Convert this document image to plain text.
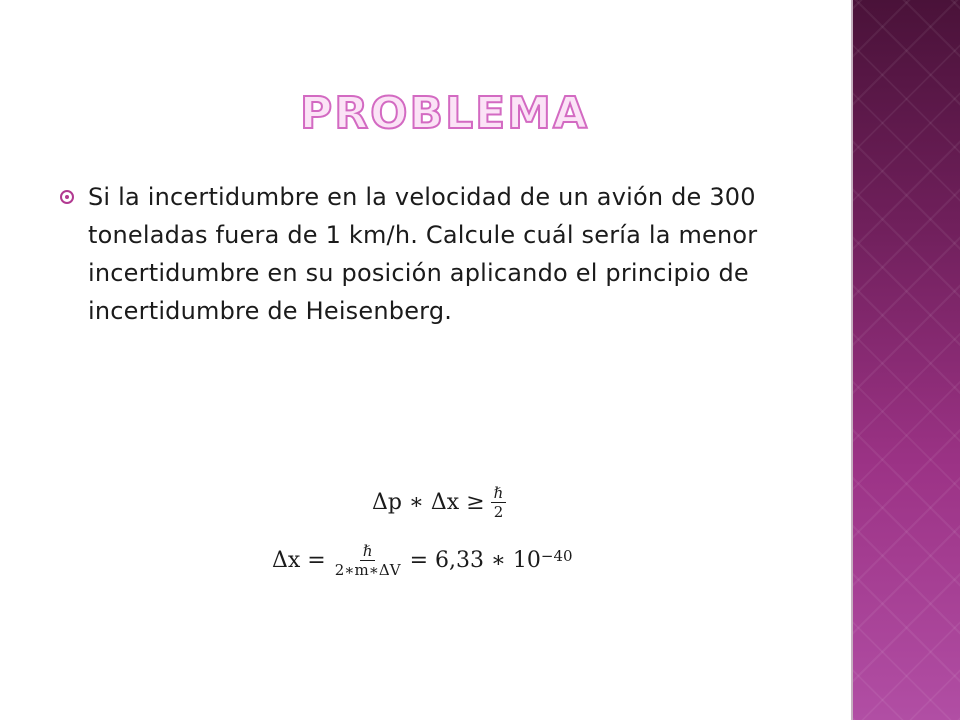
PROBLEMA
Si la incertidumbre en la velocidad de un avión de 300 toneladas fuera de 1 km/h. Calcule cuál sería la menor incertidumbre en su posición aplicando el principio de incertidumbre de Heisenberg.
Δp ∗ $\Delta x \ge \frac{\text{ℏ}}{2}$
$\Delta x = \frac{\text{ℏ}}{2∗m∗\Delta V} = 6,33$ ∗ $10^{-40}$
